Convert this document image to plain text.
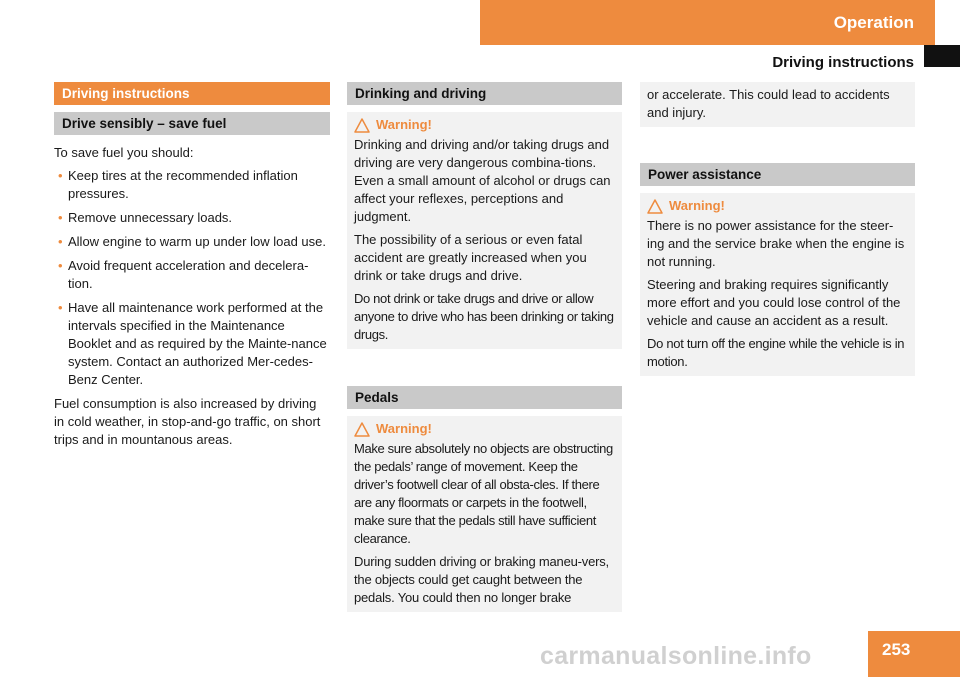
Operation
Driving instructions
Driving instructions
Drive sensibly – save fuel
To save fuel you should:
• Keep tires at the recommended inflation pressures.
• Remove unnecessary loads.
• Allow engine to warm up under low load use.
• Avoid frequent acceleration and decelera-tion.
• Have all maintenance work performed at the intervals specified in the Maintenance Booklet and as required by the Mainte-nance system. Contact an authorized Mer-cedes-Benz Center.
Fuel consumption is also increased by driving in cold weather, in stop-and-go traffic, on short trips and in mountanous areas.
Drinking and driving
Warning!

Drinking and driving and/or taking drugs and driving are very dangerous combina-tions. Even a small amount of alcohol or drugs can affect your reflexes, perceptions and judgment.

The possibility of a serious or even fatal accident are greatly increased when you drink or take drugs and drive.

Do not drink or take drugs and drive or allow anyone to drive who has been drinking or taking drugs.

Pedals
Warning!

Make sure absolutely no objects are obstructing the pedals’ range of movement. Keep the driver’s footwell clear of all obsta-cles. If there are any floormats or carpets in the footwell, make sure that the pedals still have sufficient clearance.

During sudden driving or braking maneu-vers, the objects could get caught between the pedals. You could then no longer brake

or accelerate. This could lead to accidents and injury.

Power assistance
Warning!

There is no power assistance for the steer-ing and the service brake when the engine is not running.

Steering and braking requires significantly more effort and you could lose control of the vehicle and cause an accident as a result.

Do not turn off the engine while the vehicle is in motion.

253
carmanualsonline.info
